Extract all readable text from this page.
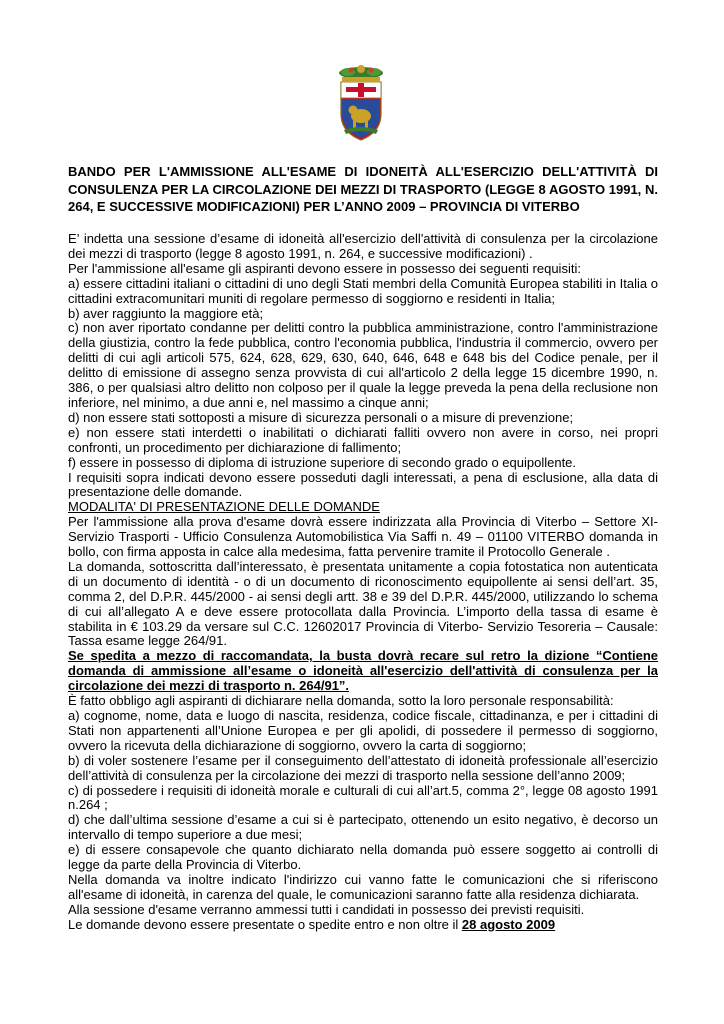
BANDO PER L'AMMISSIONE ALL'ESAME DI IDONEITÀ ALL'ESERCIZIO DELL'ATTIVITÀ DI CONSULENZA PER LA CIRCOLAZIONE DEI MEZZI DI TRASPORTO (LEGGE 8 AGOSTO 1991, N. 264, E SUCCESSIVE MODIFICAZIONI) PER L’ANNO 2009 – PROVINCIA DI VITERBO

E’ indetta una sessione d’esame di idoneità all'esercizio dell'attività di consulenza per la circolazione dei mezzi di trasporto (legge 8 agosto 1991, n. 264, e successive modificazioni) .

Per l'ammissione all'esame gli aspiranti devono essere in possesso dei seguenti requisiti:

a) essere cittadini italiani o cittadini di uno degli Stati membri della Comunità Europea stabiliti in Italia o cittadini extracomunitari muniti di regolare permesso di soggiorno e residenti in Italia;

b) aver raggiunto la maggiore età;

c) non aver riportato condanne per delitti contro la pubblica amministrazione, contro l'amministrazione della giustizia, contro la fede pubblica, contro l'economia pubblica, l'industria il commercio, ovvero per delitti di cui agli articoli 575, 624, 628, 629, 630, 640, 646, 648 e 648 bis del Codice penale, per il delitto di emissione di assegno senza provvista di cui all'articolo 2 della legge 15 dicembre 1990, n. 386, o per qualsiasi altro delitto non colposo per il quale la legge preveda la pena della reclusione non inferiore, nel minimo, a due anni e, nel massimo a cinque anni;

d) non essere stati sottoposti a misure dì sicurezza personali o a misure di prevenzione;

e) non essere stati interdetti o inabilitati o dichiarati falliti ovvero non avere in corso, nei propri confronti, un procedimento per dichiarazione di fallimento;

f) essere in possesso di diploma di istruzione superiore di secondo grado o equipollente.

I requisiti sopra indicati devono essere posseduti dagli interessati, a pena di esclusione, alla data di presentazione delle domande.

MODALITA' DI PRESENTAZIONE DELLE DOMANDE

Per l'ammissione alla prova d'esame dovrà essere indirizzata alla Provincia di Viterbo – Settore XI- Servizio Trasporti - Ufficio Consulenza Automobilistica Via Saffi n. 49 – 01100 VITERBO domanda in bollo, con firma apposta in calce alla medesima, fatta pervenire tramite il Protocollo Generale .

La domanda, sottoscritta dall’interessato, è presentata unitamente a copia fotostatica non autenticata di un documento di identità - o di un documento di riconoscimento equipollente ai sensi dell’art. 35, comma 2, del D.P.R. 445/2000 - ai sensi degli artt. 38 e 39 del D.P.R. 445/2000, utilizzando lo schema di cui all’allegato A e deve essere protocollata dalla Provincia. L’importo della tassa di esame è stabilita in € 103.29 da versare sul C.C. 12602017 Provincia di Viterbo- Servizio Tesoreria – Causale: Tassa esame legge 264/91.

Se spedita a mezzo di raccomandata, la busta dovrà recare sul retro la dizione “Contiene domanda di ammissione all’esame o idoneità all'esercizio dell'attività di consulenza per la circolazione dei mezzi di trasporto n. 264/91”.

È fatto obbligo agli aspiranti di dichiarare nella domanda, sotto la loro personale responsabilità:

a) cognome, nome, data e luogo di nascita, residenza, codice fiscale, cittadinanza, e per i cittadini di Stati non appartenenti all’Unione Europea e per gli apolidi, di possedere il permesso di soggiorno, ovvero la ricevuta della dichiarazione di soggiorno, ovvero la carta di soggiorno;

b) di voler sostenere l’esame per il conseguimento dell’attestato di idoneità professionale all’esercizio dell’attività di consulenza per la circolazione dei mezzi di trasporto nella sessione dell’anno 2009;

c) di possedere i requisiti di idoneità morale e culturali di cui all’art.5, comma 2°, legge 08 agosto 1991 n.264 ;

d) che dall’ultima sessione d’esame a cui si è partecipato, ottenendo un esito negativo, è decorso un intervallo di tempo superiore a due mesi;

e) di essere consapevole che quanto dichiarato nella domanda può essere soggetto ai controlli di legge da parte della Provincia di Viterbo.

Nella domanda va inoltre indicato l'indirizzo cui vanno fatte le comunicazioni che si riferiscono all'esame di idoneità, in carenza del quale, le comunicazioni saranno fatte alla residenza dichiarata.

Alla sessione d'esame verranno ammessi tutti i candidati in possesso dei previsti requisiti.

Le domande devono essere presentate o spedite entro e non oltre il 28 agosto 2009
